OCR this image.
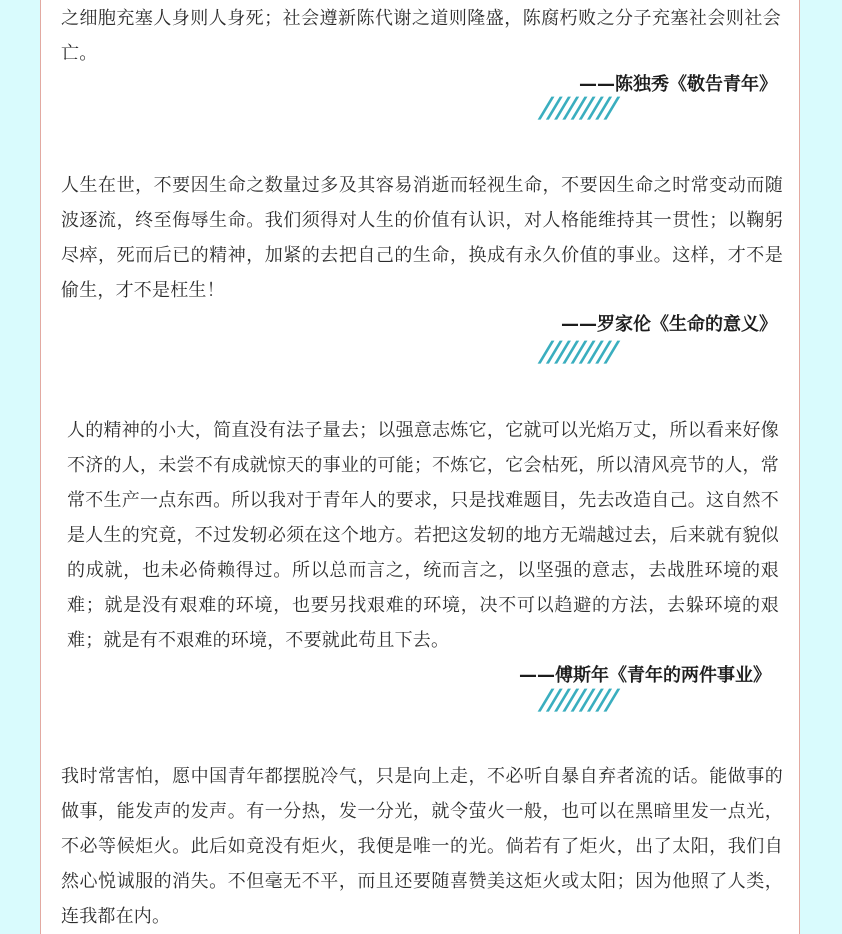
之细胞充塞人身则人身死；社会遵新陈代谢之道则隆盛，陈腐朽败之分子充塞社会则社会亡。
——陈独秀《敬告青年》
/////////
人生在世，不要因生命之数量过多及其容易消逝而轻视生命，不要因生命之时常变动而随波逐流，终至侮辱生命。我们须得对人生的价值有认识，对人格能维持其一贯性；以鞠躬尽瘁，死而后已的精神，加紧的去把自己的生命，换成有永久价值的事业。这样，才不是偷生，才不是枉生！
——罗家伦《生命的意义》
/////////
人的精神的小大，简直没有法子量去；以强意志炼它，它就可以光焰万丈，所以看来好像不济的人，未尝不有成就惊天的事业的可能；不炼它，它会枯死，所以清风亮节的人，常常不生产一点东西。所以我对于青年人的要求，只是找难题目，先去改造自己。这自然不是人生的究竟，不过发轫必须在这个地方。若把这发轫的地方无端越过去，后来就有貌似的成就，也未必倚赖得过。所以总而言之，统而言之，以坚强的意志，去战胜环境的艰难；就是没有艰难的环境，也要另找艰难的环境，决不可以趋避的方法，去躲环境的艰难；就是有不艰难的环境，不要就此苟且下去。
——傅斯年《青年的两件事业》
/////////
我时常害怕，愿中国青年都摆脱冷气，只是向上走，不必听自暴自弃者流的话。能做事的做事，能发声的发声。有一分热，发一分光，就令萤火一般，也可以在黑暗里发一点光，不必等候炬火。此后如竟没有炬火，我便是唯一的光。倘若有了炬火，出了太阳，我们自然心悦诚服的消失。不但毫无不平，而且还要随喜赞美这炬火或太阳；因为他照了人类，连我都在内。
